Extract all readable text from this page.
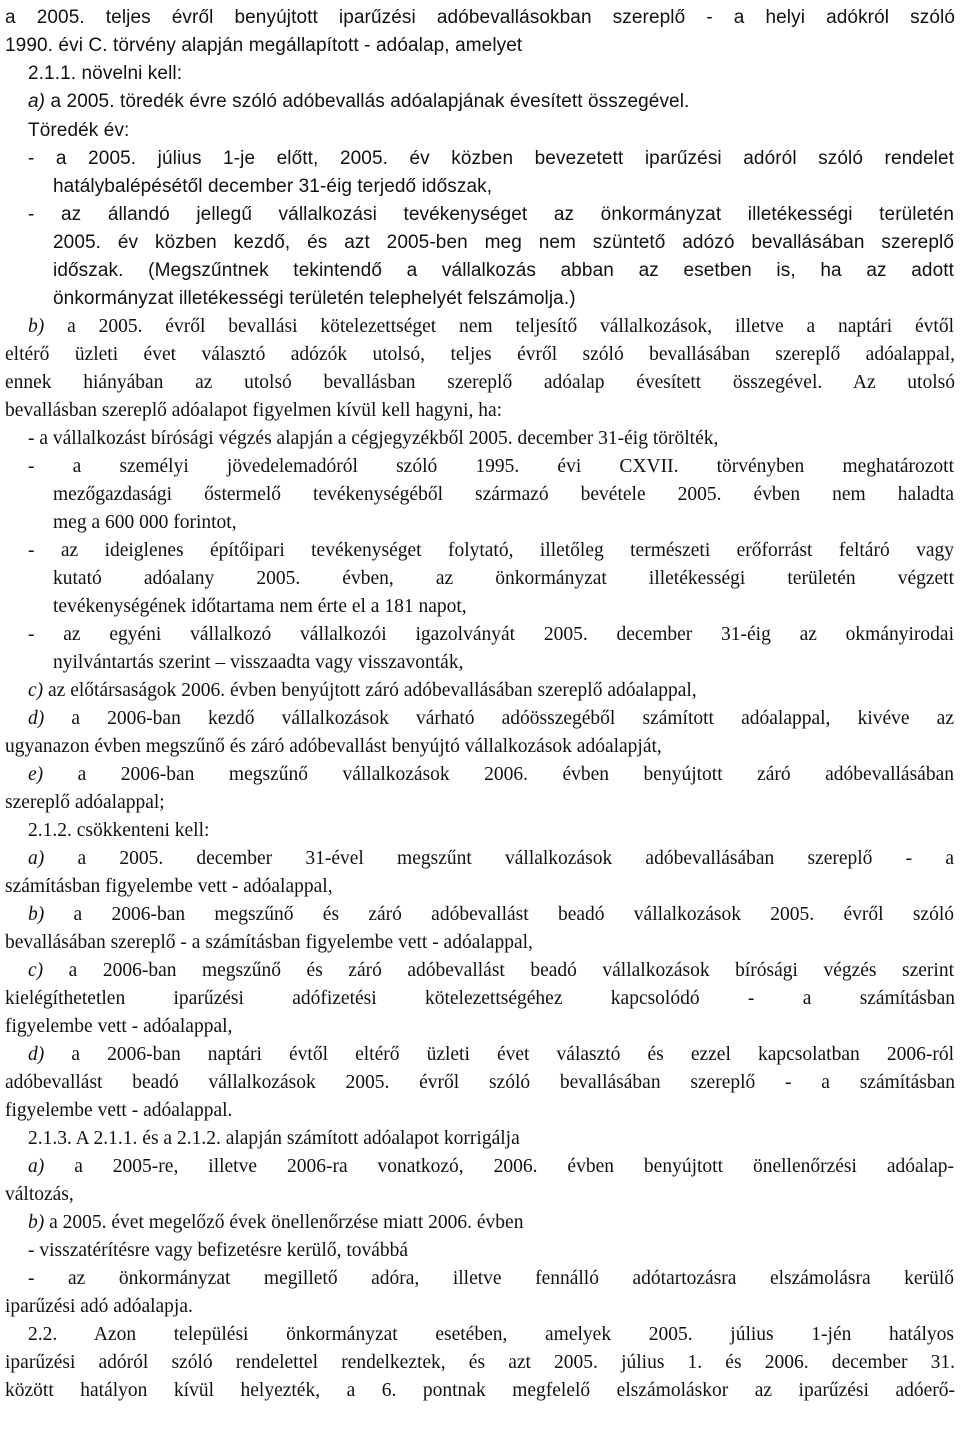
a 2005. teljes évről benyújtott iparűzési adóbevallásokban szereplő - a helyi adókról szóló
1990. évi C. törvény alapján megállapított - adóalap, amelyet
2.1.1. növelni kell:
a) a 2005. töredék évre szóló adóbevallás adóalapjának évesített összegével.
Töredék év:
- a 2005. július 1-je előtt, 2005. év közben bevezetett iparűzési adóról szóló rendelet
hatálybalépésétől december 31-éig terjedő időszak,
- az állandó jellegű vállalkozási tevékenységet az önkormányzat illetékességi területén
2005. év közben kezdő, és azt 2005-ben meg nem szüntető adózó bevallásában szereplő
időszak. (Megszűntnek tekintendő a vállalkozás abban az esetben is, ha az adott
önkormányzat illetékességi területén telephelyét felszámolja.)
b) a 2005. évről bevallási kötelezettséget nem teljesítő vállalkozások, illetve a naptári évtől
eltérő üzleti évet választó adózók utolsó, teljes évről szóló bevallásában szereplő adóalappal,
ennek hiányában az utolsó bevallásban szereplő adóalap évesített összegével. Az utolsó
bevallásban szereplő adóalapot figyelmen kívül kell hagyni, ha:
- a vállalkozást bírósági végzés alapján a cégjegyzékből 2005. december 31-éig törölték,
- a személyi jövedelemadóról szóló 1995. évi CXVII. törvényben meghatározott
mezőgazdasági őstermelő tevékenységéből származó bevétele 2005. évben nem haladta
meg a 600 000 forintot,
- az ideiglenes építőipari tevékenységet folytató, illetőleg természeti erőforrást feltáró vagy
kutató adóalany 2005. évben, az önkormányzat illetékességi területén végzett
tevékenységének időtartama nem érte el a 181 napot,
- az egyéni vállalkozó vállalkozói igazolványát 2005. december 31-éig az okmányirodai
nyilvántartás szerint – visszaadta vagy visszavonták,
c) az előtársaságok 2006. évben benyújtott záró adóbevallásában szereplő adóalappal,
d) a 2006-ban kezdő vállalkozások várható adóösszegéből számított adóalappal, kivéve az
ugyanazon évben megszűnő és záró adóbevallást benyújtó vállalkozások adóalapját,
e) a 2006-ban megszűnő vállalkozások 2006. évben benyújtott záró adóbevallásában
szereplő adóalappal;
2.1.2. csökkenteni kell:
a) a 2005. december 31-ével megszűnt vállalkozások adóbevallásában szereplő - a
számításban figyelembe vett - adóalappal,
b) a 2006-ban megszűnő és záró adóbevallást beadó vállalkozások 2005. évről szóló
bevallásában szereplő - a számításban figyelembe vett - adóalappal,
c) a 2006-ban megszűnő és záró adóbevallást beadó vállalkozások bírósági végzés szerint
kielégíthetetlen iparűzési adófizetési kötelezettségéhez kapcsolódó - a számításban
figyelembe vett - adóalappal,
d) a 2006-ban naptári évtől eltérő üzleti évet választó és ezzel kapcsolatban 2006-ról
adóbevallást beadó vállalkozások 2005. évről szóló bevallásában szereplő - a számításban
figyelembe vett - adóalappal.
2.1.3. A 2.1.1. és a 2.1.2. alapján számított adóalapot korrigálja
a) a 2005-re, illetve 2006-ra vonatkozó, 2006. évben benyújtott önellenőrzési adóalap-
változás,
b) a 2005. évet megelőző évek önellenőrzése miatt 2006. évben
- visszatérítésre vagy befizetésre kerülő, továbbá
- az önkormányzat megillető adóra, illetve fennálló adótartozásra elszámolásra kerülő
iparűzési adó adóalapja.
2.2. Azon települési önkormányzat esetében, amelyek 2005. július 1-jén hatályos
iparűzési adóról szóló rendelettel rendelkeztek, és azt 2005. július 1. és 2006. december 31.
között hatályon kívül helyezték, a 6. pontnak megfelelő elszámoláskor az iparűzési adóerő-
